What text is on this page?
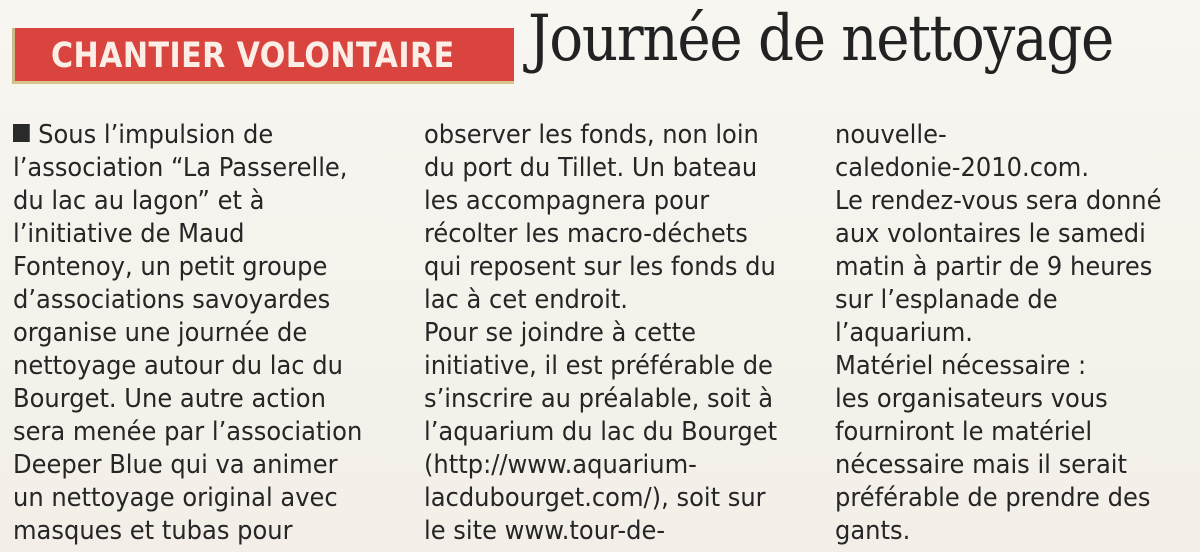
CHANTIER VOLONTAIRE Journée de nettoyage
Sous l’impulsion de
l’association “La Passerelle,
du lac au lagon” et à
l’initiative de Maud
Fontenoy, un petit groupe
d’associations savoyardes
organise une journée de
nettoyage autour du lac du
Bourget. Une autre action
sera menée par l’association
Deeper Blue qui va animer
un nettoyage original avec
masques et tubas pour
observer les fonds, non loin
du port du Tillet. Un bateau
les accompagnera pour
récolter les macro-déchets
qui reposent sur les fonds du
lac à cet endroit.
Pour se joindre à cette
initiative, il est préférable de
s’inscrire au préalable, soit à
l’aquarium du lac du Bourget
(http://www.aquarium-
lacdubourget.com/), soit sur
le site www.tour-de-
nouvelle-
caledonie-2010.com.
Le rendez-vous sera donné
aux volontaires le samedi
matin à partir de 9 heures
sur l’esplanade de
l’aquarium.
Matériel nécessaire :
les organisateurs vous
fourniront le matériel
nécessaire mais il serait
préférable de prendre des
gants.
